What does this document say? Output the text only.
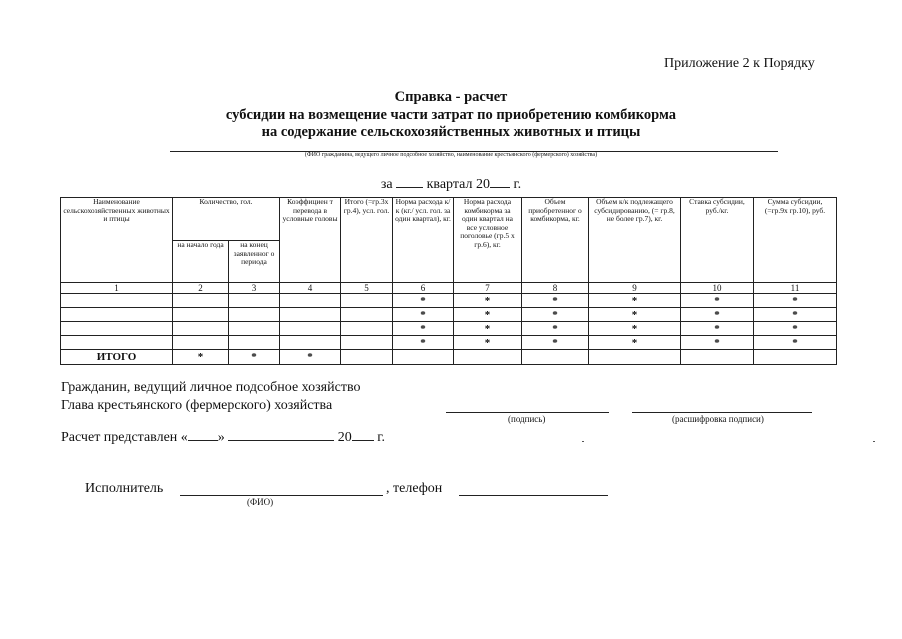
Приложение 2 к Порядку
Справка - расчет
субсидии на возмещение части затрат по приобретению комбикорма
на содержание сельскохозяйственных животных и птицы
(ФИО гражданина, ведущего личное подсобное хозяйство, наименование крестьянского (фермерского) хозяйства)
за квартал 20 г.
Наименование сельскохозяйственных животных и птицы	Количество, гол.		Коэффициен т перевода в условные головы	Итого (=гр.3х гр.4), усл. гол.	Норма расхода к/к (кг./ усл. гол. за один квартал), кг.	Норма расхода комбикорма за один квартал на все условное поголовье (гр.5 х гр.6), кг.	Объем приобретенног о комбикорма, кг.	Объем к/к подлежащего субсидированию, (= гр.8, не более гр.7), кг.	Ставка субсидии, руб./кг.	Сумма субсидии, (=гр.9х гр.10), руб.
	на начало года	на конец заявленног о периода								
1	2	3	4	5	6	7	8	9	10	11
					*	*	*	*	*	*
					*	*	*	*	*	*
					*	*	*	*	*	*
					*	*	*	*	*	*
ИТОГО	*	*	*							
Гражданин, ведущий личное подсобное хозяйство
Глава крестьянского (фермерского) хозяйства
(подпись)	(расшифровка подписи)
Расчет представлен « »	20 г.
Исполнитель
(ФИО)
, телефон
